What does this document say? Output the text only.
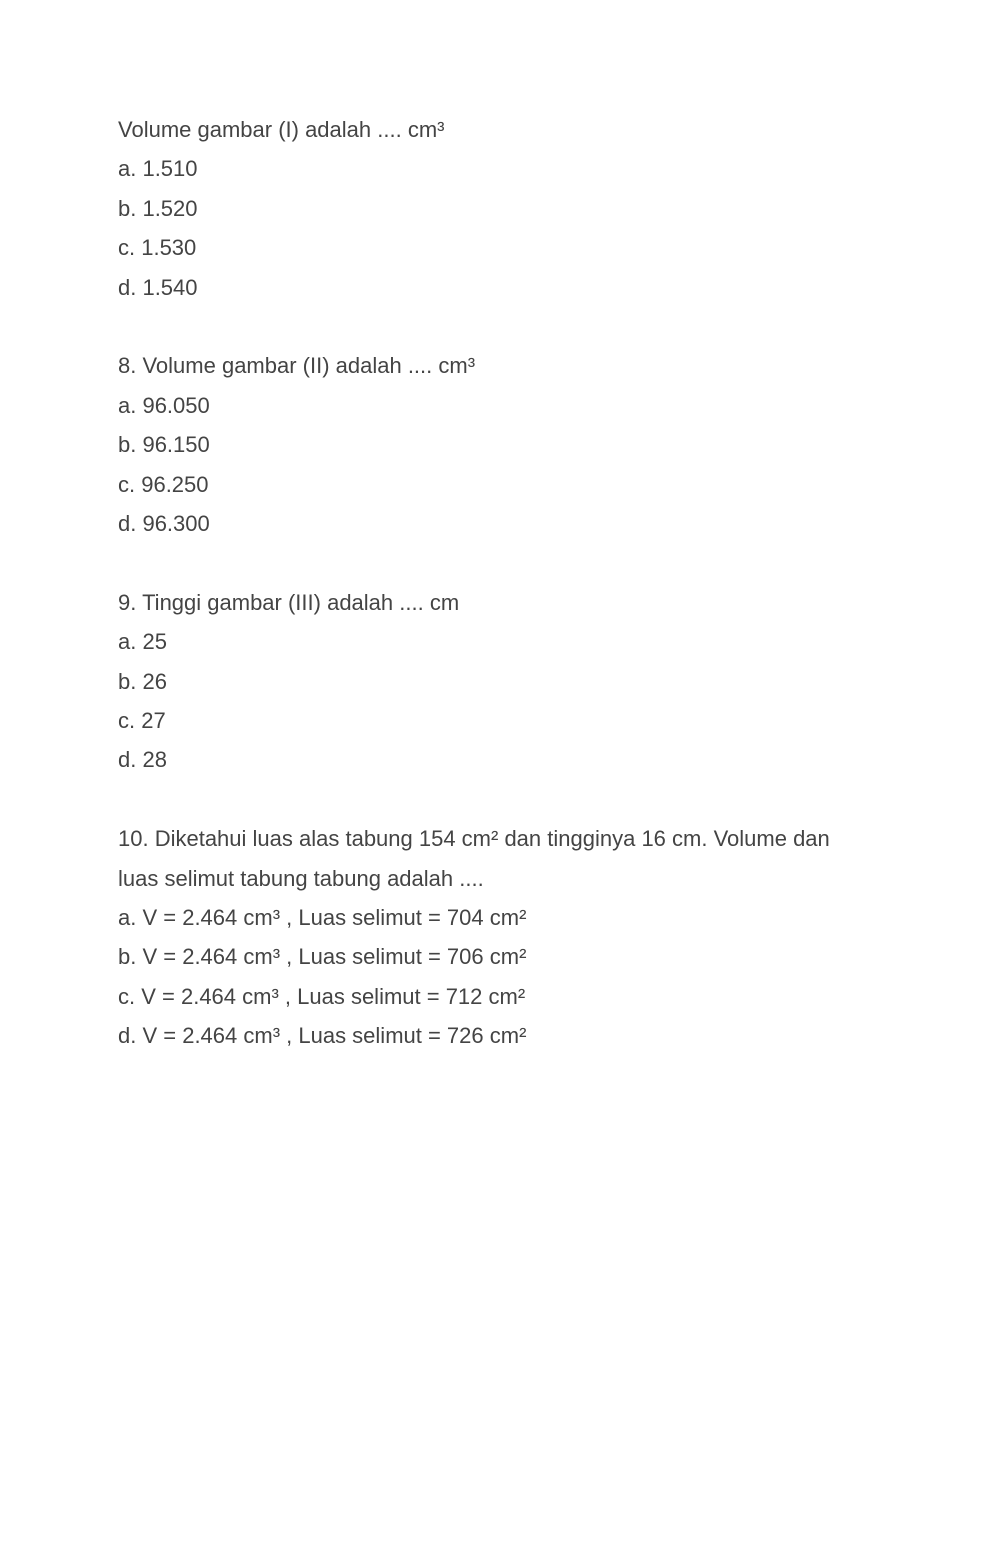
Volume gambar (I) adalah .... cm³
a. 1.510
b. 1.520
c. 1.530
d. 1.540
8. Volume gambar (II) adalah .... cm³
a. 96.050
b. 96.150
c. 96.250
d. 96.300
9. Tinggi gambar (III) adalah .... cm
a. 25
b. 26
c. 27
d. 28
10. Diketahui luas alas tabung 154 cm² dan tingginya 16 cm. Volume dan
luas selimut tabung tabung adalah ....
a. V = 2.464 cm³ , Luas selimut = 704 cm²
b. V = 2.464 cm³ , Luas selimut = 706 cm²
c. V = 2.464 cm³ , Luas selimut = 712 cm²
d. V = 2.464 cm³ , Luas selimut = 726 cm²
